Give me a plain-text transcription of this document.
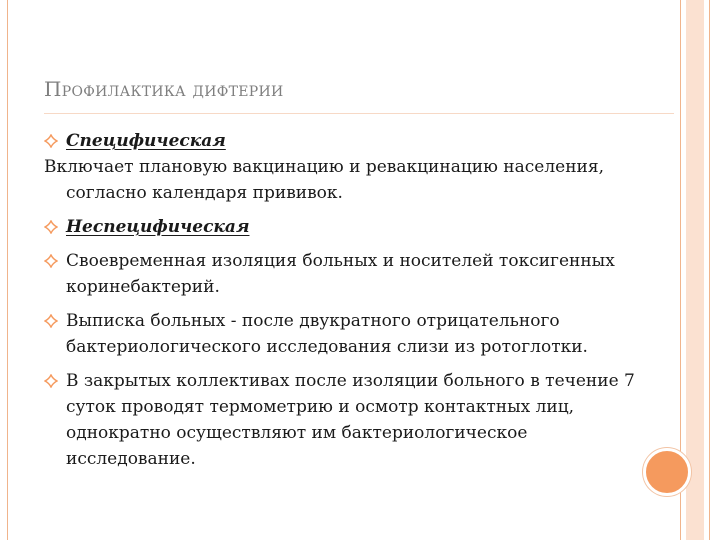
Профилактика дифтерии
Специфическая
Включает плановую вакцинацию и ревакцинацию населения, согласно календаря прививок.
Неспецифическая
Своевременная изоляция больных и носителей токсигенных коринебактерий.
Выписка больных - после двукратного отрицательного бактериологического исследования слизи из ротоглотки.
В закрытых коллективах после изоляции больного в течение 7 суток проводят термометрию и осмотр контактных лиц, однократно осуществляют им бактериологическое исследование.
